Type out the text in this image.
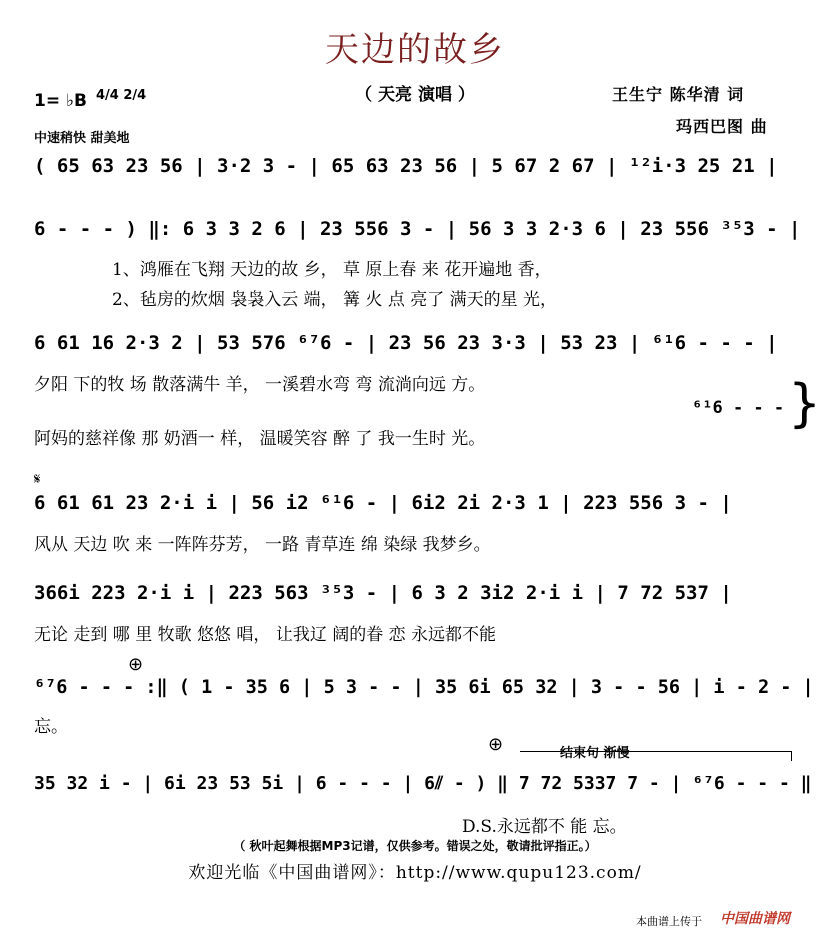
天边的故乡
（ 天亮 演唱 ）
1= ♭B 4/4 2/4
中速稍快 甜美地
王生宁 陈华清 词
玛西巴图 曲
( 65 63 23 56 | 3·2 3 - | 65 63 23 56 | 5 67 2 67 | ¹²i·3 25 21 |
6 - - - ) ‖: 6 3 3 2 6 | 23 556 3 - | 56 3 3 2·3 6 | 23 556 ³⁵3 - |
1、鸿雁在飞翔 天边的故 乡， 草 原上春 来 花开遍地 香，
2、毡房的炊烟 袅袅入云 端， 篝 火 点 亮了 满天的星 光，
6 61 16 2·3 2 | 53 576 ⁶⁷6 - | 23 56 23 3·3 | 53 23 | ⁶¹6 - - - |
夕阳 下的牧 场 散落满牛 羊， 一溪碧水弯 弯 流淌向远 方。
阿妈的慈祥像 那 奶酒一 样， 温暖笑容 醉 了 我一生时 光。
⁶¹6 - - - }
𝄋
6 61 61 23 2·i i | 56 i2 ⁶¹6 - | 6i2 2i 2·3 1 | 223 556 3 - |
风从 天边 吹 来 一阵阵芬芳， 一路 青草连 绵 染绿 我梦乡。
366i 223 2·i i | 223 563 ³⁵3 - | 6 3 2 3i2 2·i i | 7 72 537 |
无论 走到 哪 里 牧歌 悠悠 唱， 让我辽 阔的眷 恋 永远都不能
⊕
⁶⁷6 - - - :‖ ( 1 - 35 6 | 5 3 - - | 35 6i 65 32 | 3 - - 56 | i - 2 - |
忘。
⊕	结束句 渐慢
35 32 i - | 6i 23 53 5i | 6 - - - | 6⫽ - ) ‖ 7 72 5337 7 - | ⁶⁷6 - - - ‖
D.S.永远都不 能 忘。
（ 秋叶起舞根据MP3记谱，仅供参考。错误之处，敬请批评指正。）
欢迎光临《中国曲谱网》：http://www.qupu123.com/
本曲谱上传于 中国曲谱网
